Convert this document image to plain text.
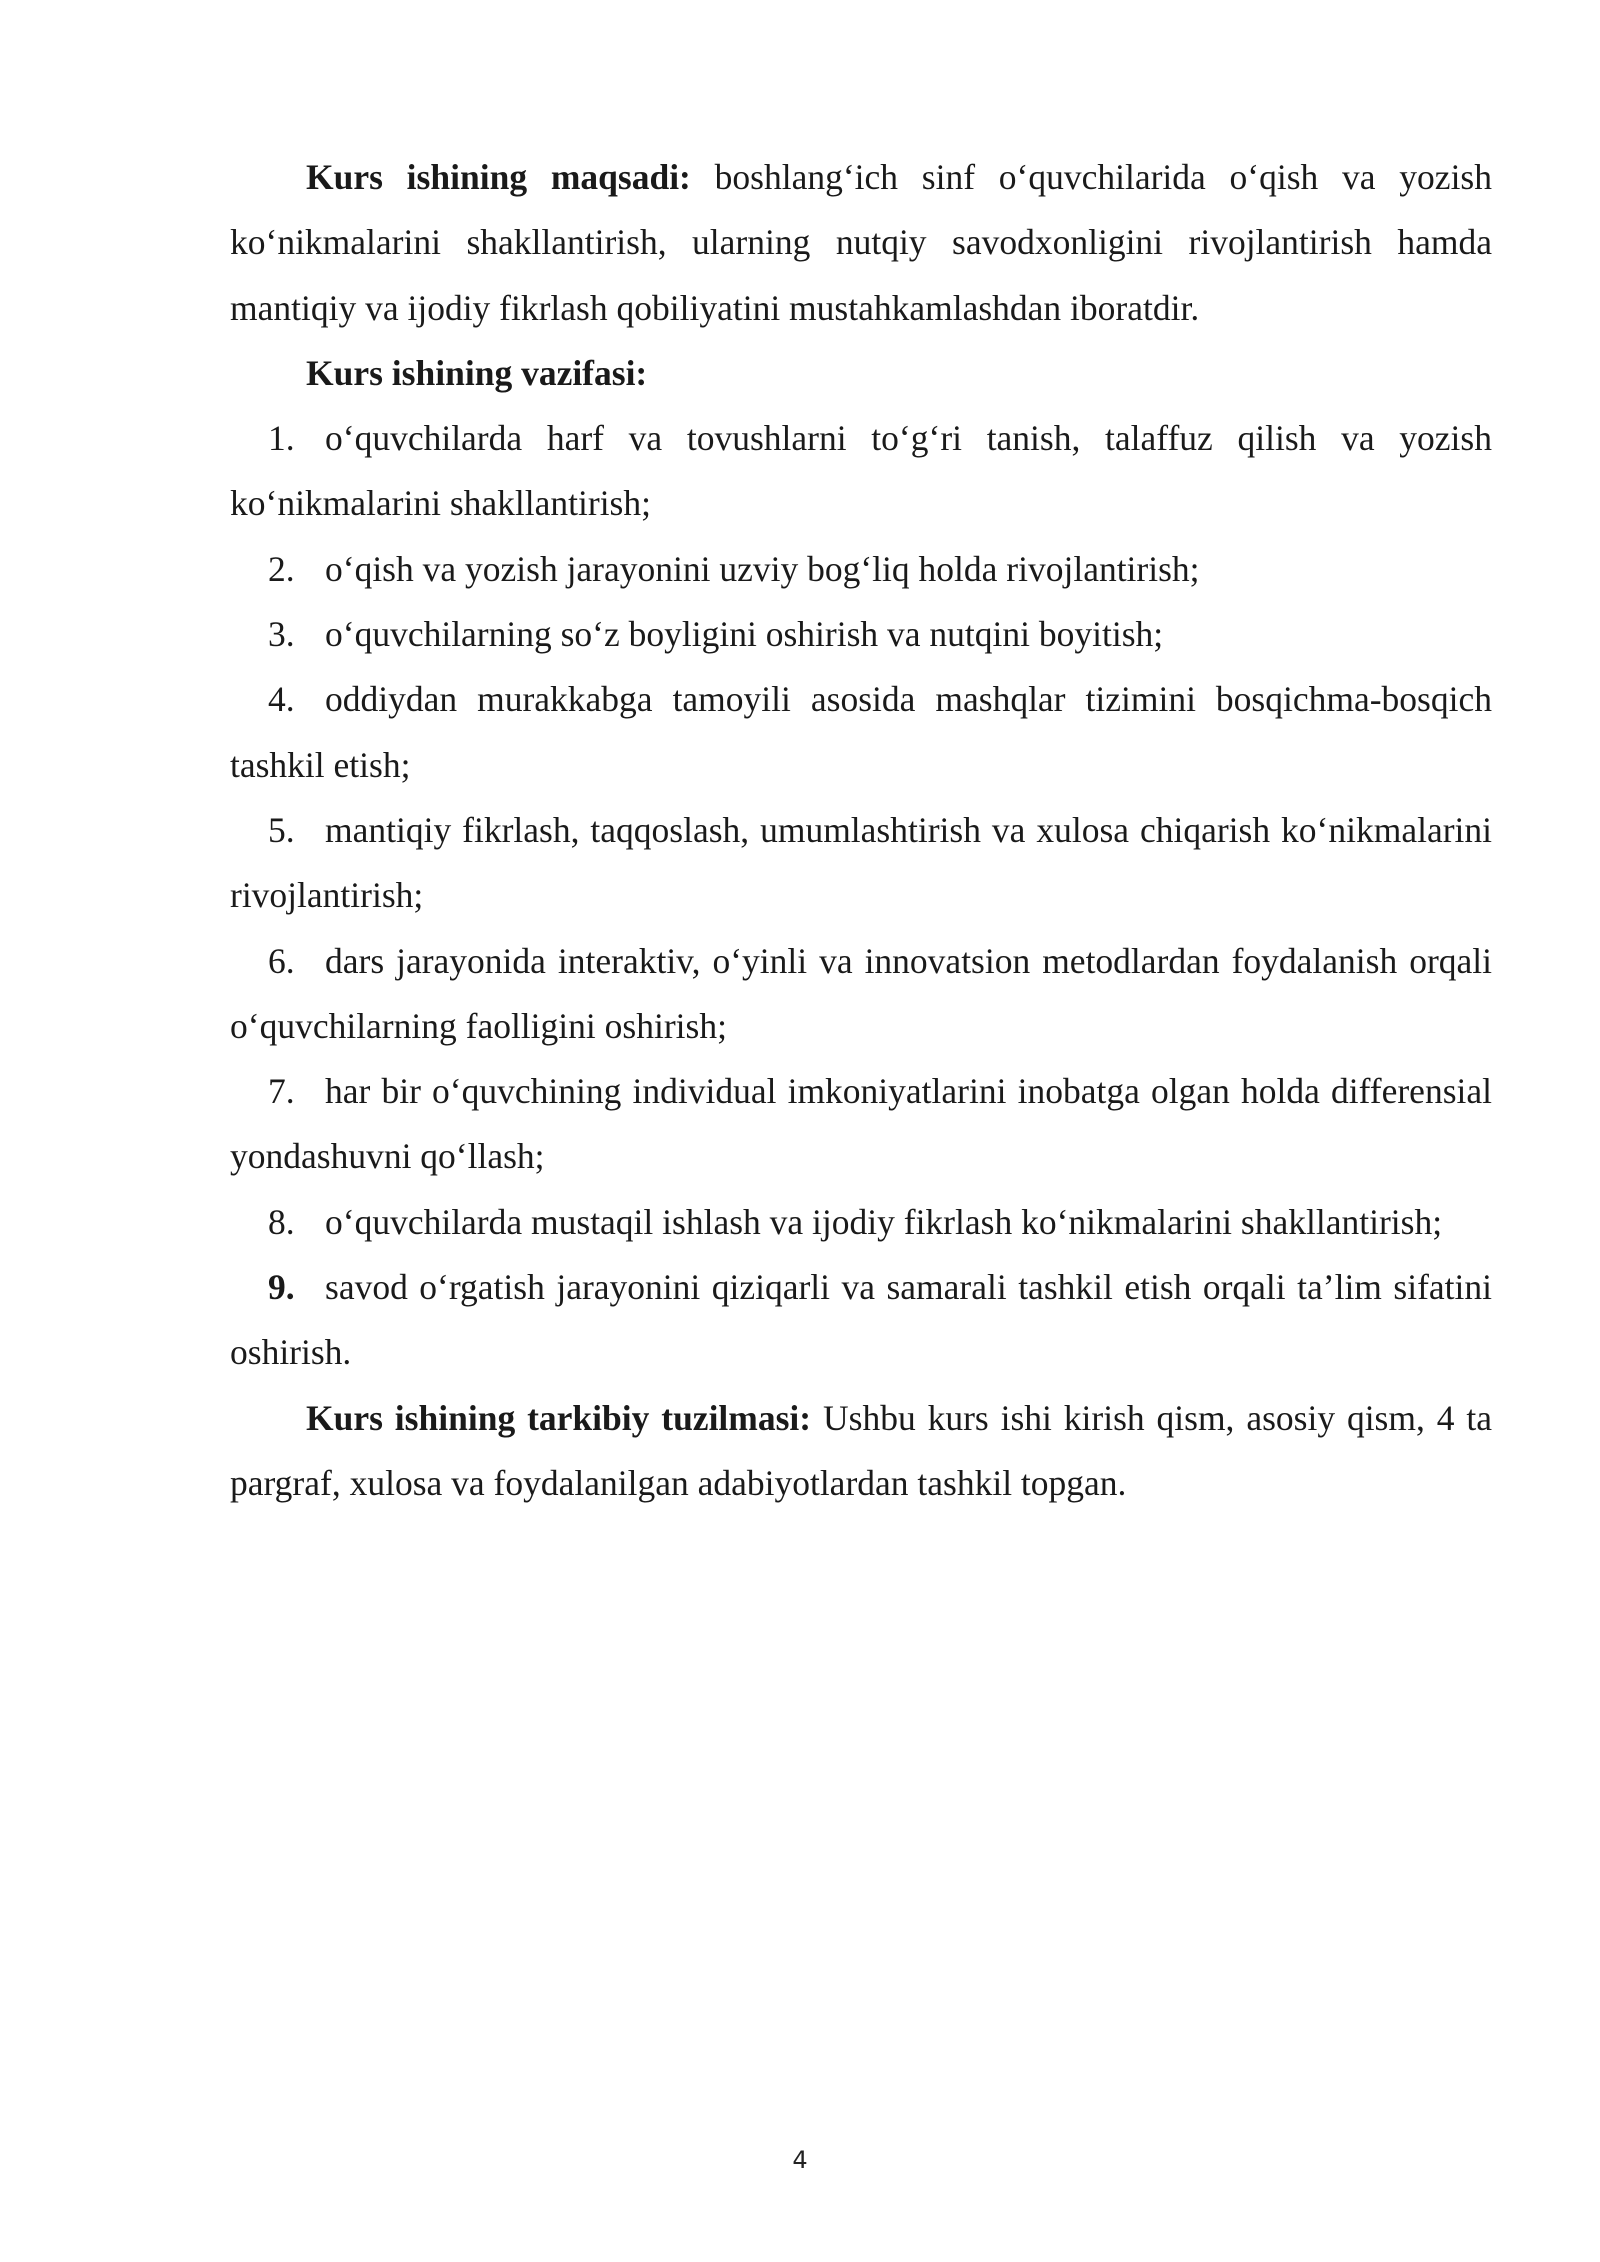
Kurs ishining maqsadi: boshlang‘ich sinf o‘quvchilarida o‘qish va yozish ko‘nikmalarini shakllantirish, ularning nutqiy savodxonligini rivojlantirish hamda mantiqiy va ijodiy fikrlash qobiliyatini mustahkamlashdan iboratdir.

Kurs ishining vazifasi:

1. o‘quvchilarda harf va tovushlarni to‘g‘ri tanish, talaffuz qilish va yozish ko‘nikmalarini shakllantirish;

2. o‘qish va yozish jarayonini uzviy bog‘liq holda rivojlantirish;

3. o‘quvchilarning so‘z boyligini oshirish va nutqini boyitish;

4. oddiydan murakkabga tamoyili asosida mashqlar tizimini bosqichma-bosqich tashkil etish;

5. mantiqiy fikrlash, taqqoslash, umumlashtirish va xulosa chiqarish ko‘nikmalarini rivojlantirish;

6. dars jarayonida interaktiv, o‘yinli va innovatsion metodlardan foydalanish orqali o‘quvchilarning faolligini oshirish;

7. har bir o‘quvchining individual imkoniyatlarini inobatga olgan holda differensial yondashuvni qo‘llash;

8. o‘quvchilarda mustaqil ishlash va ijodiy fikrlash ko‘nikmalarini shakllantirish;

9. savod o‘rgatish jarayonini qiziqarli va samarali tashkil etish orqali ta’lim sifatini oshirish.

Kurs ishining tarkibiy tuzilmasi: Ushbu kurs ishi kirish qism, asosiy qism, 4 ta pargraf, xulosa va foydalanilgan adabiyotlardan tashkil topgan.

4
